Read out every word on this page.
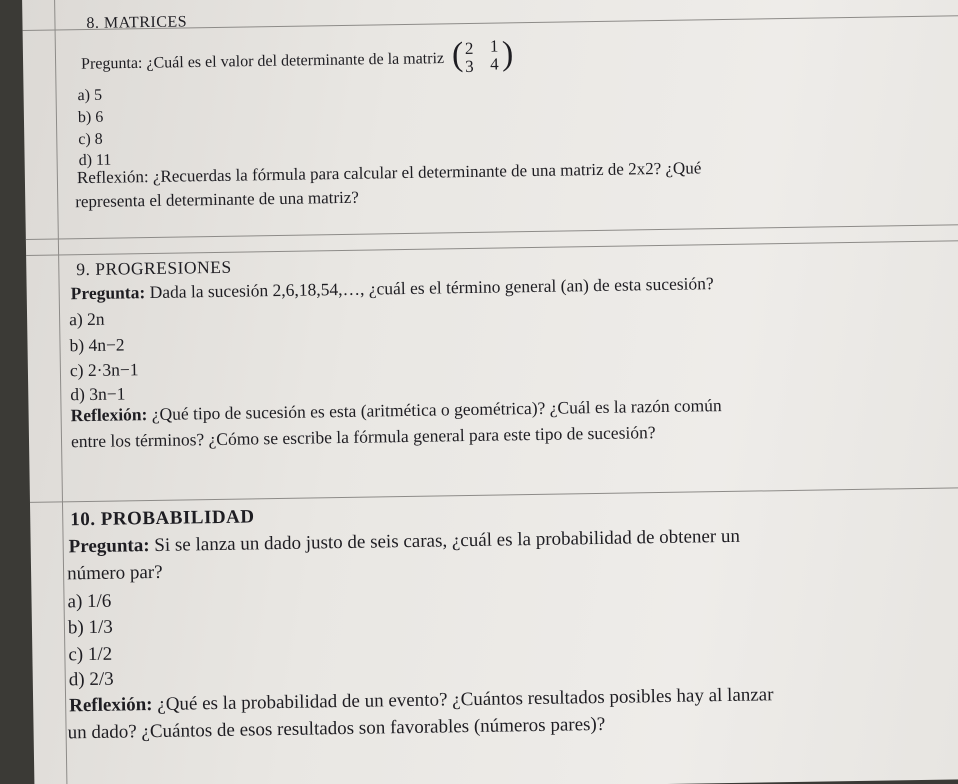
8. MATRICES
Pregunta: ¿Cuál es el valor del determinante de la matriz ( 2 1
3 4 )
a) 5
b) 6
c) 8
d) 11
Reflexión: ¿Recuerdas la fórmula para calcular el determinante de una matriz de 2x2? ¿Qué
representa el determinante de una matriz?
9. PROGRESIONES
Pregunta: Dada la sucesión 2,6,18,54,…, ¿cuál es el término general (an) de esta sucesión?
a) 2n
b) 4n−2
c) 2·3n−1
d) 3n−1
Reflexión: ¿Qué tipo de sucesión es esta (aritmética o geométrica)? ¿Cuál es la razón común
entre los términos? ¿Cómo se escribe la fórmula general para este tipo de sucesión?
10. PROBABILIDAD
Pregunta: Si se lanza un dado justo de seis caras, ¿cuál es la probabilidad de obtener un
número par?
a) 1/6
b) 1/3
c) 1/2
d) 2/3
Reflexión: ¿Qué es la probabilidad de un evento? ¿Cuántos resultados posibles hay al lanzar
un dado? ¿Cuántos de esos resultados son favorables (números pares)?
